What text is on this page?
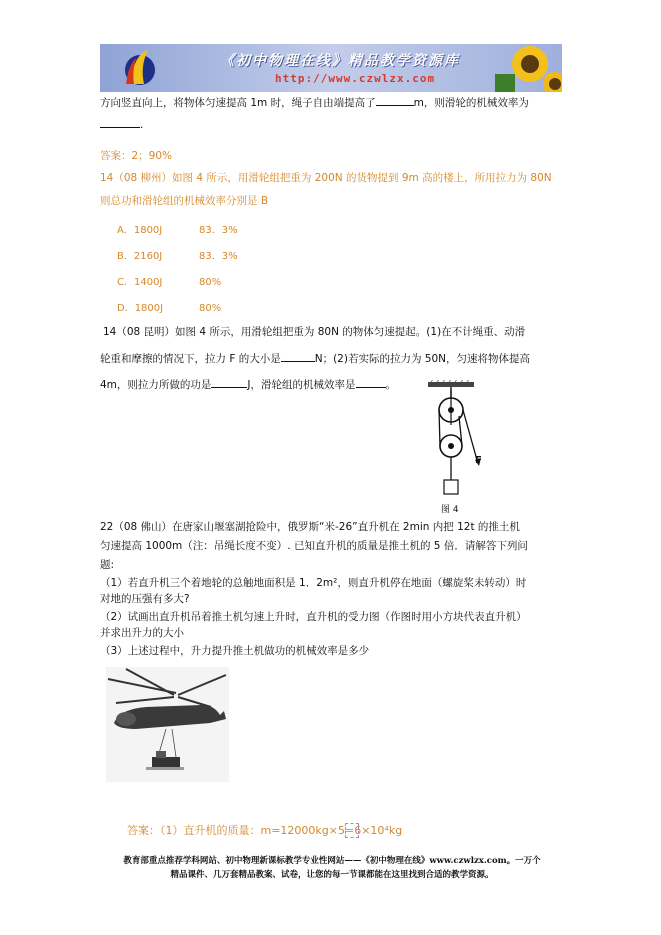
《初中物理在线》精品教学资源库
http://www.czwlzx.com
方向竖直向上，将物体匀速提高 1m 时，绳子自由端提高了	m，则滑轮的机械效率为
.
答案：2；90%
14（08 柳州）如图 4 所示，用滑轮组把重为 200N 的货物提到 9m 高的楼上，所用拉力为 80N
则总功和滑轮组的机械效率分别是 B
A．1800J	83．3%
B．2160J	83．3%
C．1400J	80%
D．1800J	80%
14（08 昆明）如图 4 所示，用滑轮组把重为 80N 的物体匀速提起。(1)在不计绳重、动滑
轮重和摩擦的情况下，拉力 F 的大小是	N；(2)若实际的拉力为 50N，匀速将物体提高
4m，则拉力所做的功是	J，滑轮组的机械效率是	。
F
图 4
22（08 佛山）在唐家山堰塞湖抢险中，俄罗斯“米-26”直升机在 2min 内把 12t 的推土机
匀速提高 1000m（注：吊绳长度不变）. 已知直升机的质量是推土机的 5 倍．请解答下列问
题:
（1）若直升机三个着地轮的总触地面积是 1．2m²，则直升机停在地面（螺旋桨未转动）时
对地的压强有多大?
（2）试画出直升机吊着推土机匀速上升时，直升机的受力图（作图时用小方块代表直升机）
并求出升力的大小
（3）上述过程中，升力提升推土机做功的机械效率是多少
答案：（1）直升机的质量：m=12000kg×5=6×10⁴kg
教育部重点推荐学科网站、初中物理新课标教学专业性网站——《初中物理在线》www.czwlzx.com。一万个
精品课件、几万套精品教案、试卷，让您的每一节课都能在这里找到合适的教学资源。
